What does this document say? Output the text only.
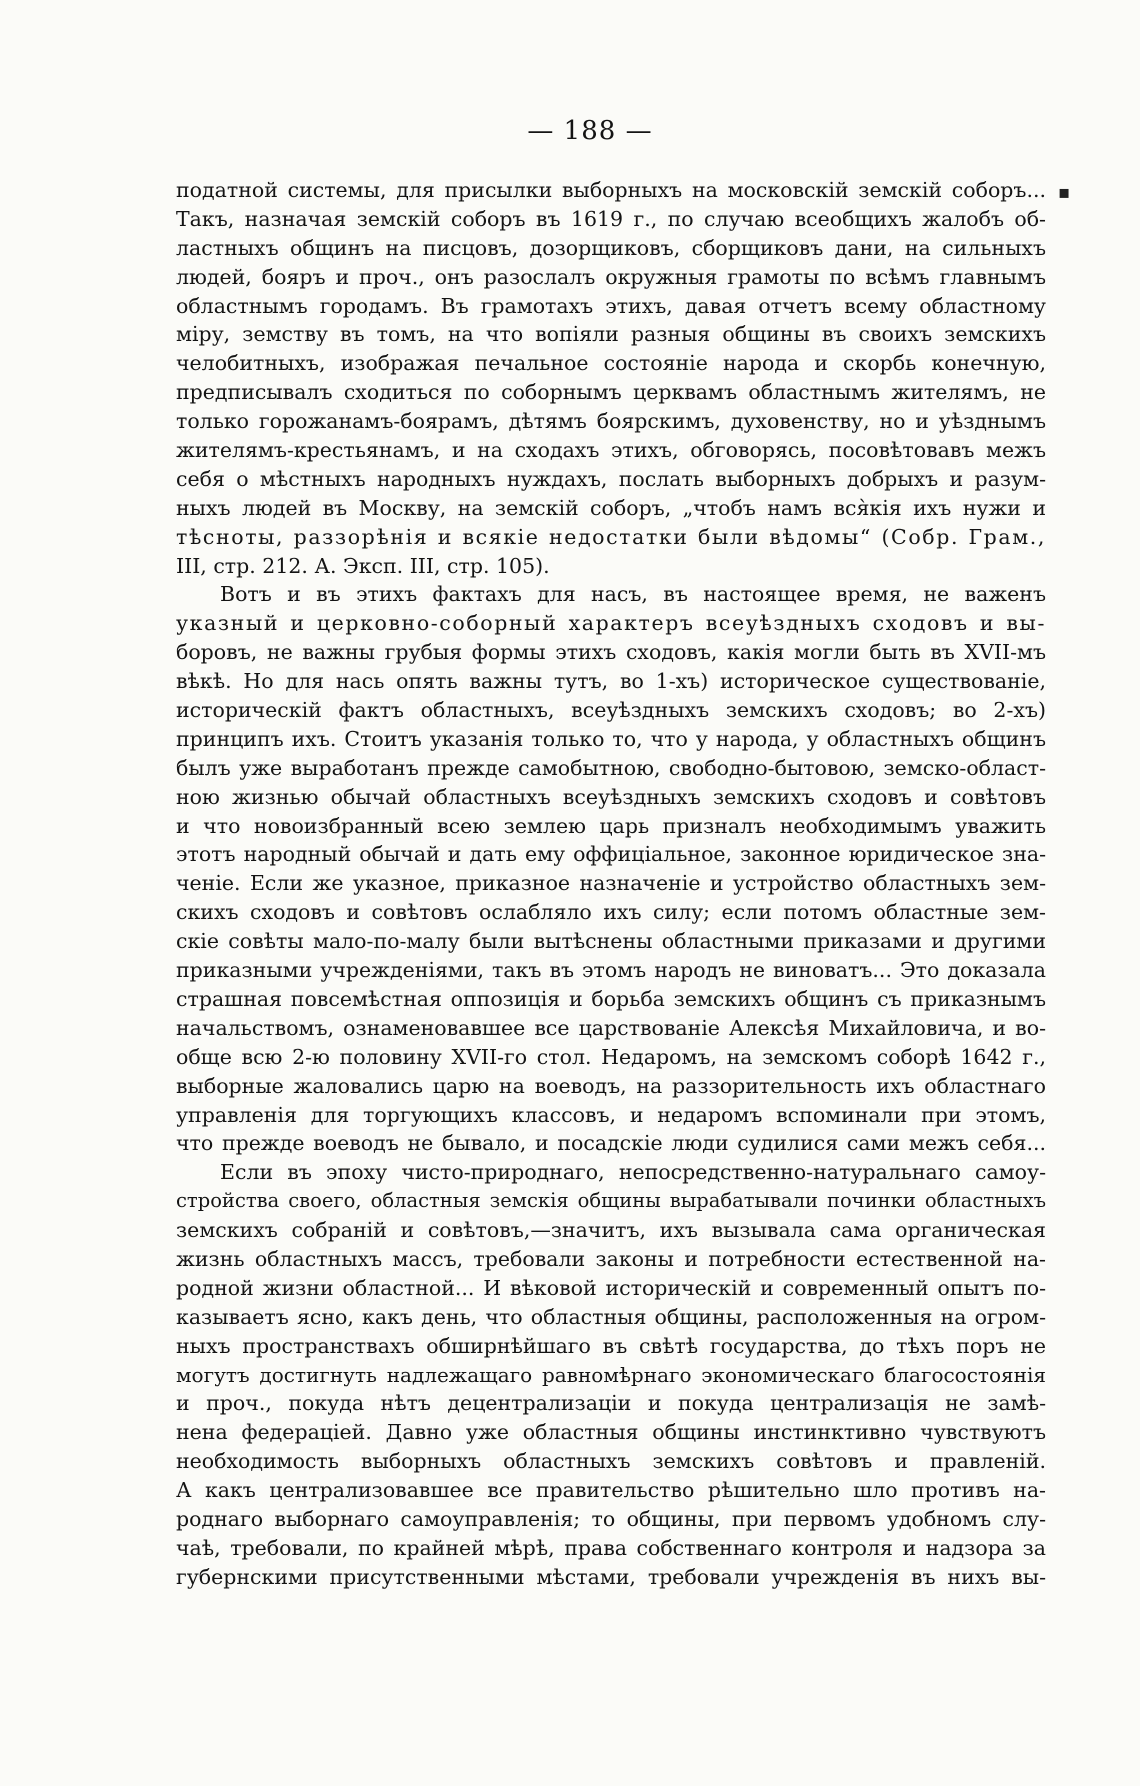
— 188 —
податной системы, для присылки выборныхъ на московскій земскій соборъ...
Такъ, назначая земскій соборъ въ 1619 г., по случаю всеобщихъ жалобъ об-
ластныхъ общинъ на писцовъ, дозорщиковъ, сборщиковъ дани, на сильныхъ
людей, бояръ и проч., онъ разослалъ окружныя грамоты по всѣмъ главнымъ
областнымъ городамъ. Въ грамотахъ этихъ, давая отчетъ всему областному
міру, земству въ томъ, на что вопіяли разныя общины въ своихъ земскихъ
челобитныхъ, изображая печальное состояніе народа и скорбь конечную,
предписывалъ сходиться по соборнымъ церквамъ областнымъ жителямъ, не
только горожанамъ-боярамъ, дѣтямъ боярскимъ, духовенству, но и уѣзднымъ
жителямъ-крестьянамъ, и на сходахъ этихъ, обговорясь, посовѣтовавъ межъ
себя о мѣстныхъ народныхъ нуждахъ, послать выборныхъ добрыхъ и разум-
ныхъ людей въ Москву, на земскій соборъ, „чтобъ намъ вся̀кія ихъ нужи и
тѣсноты, раззорѣнія и всякіе недостатки были вѣдомы“ (Собр. Грам.,
III, стр. 212. А. Эксп. III, стр. 105).
Вотъ и въ этихъ фактахъ для насъ, въ настоящее время, не важенъ
указный и церковно-соборный характеръ всеуѣздныхъ сходовъ и вы-
боровъ, не важны грубыя формы этихъ сходовъ, какія могли быть въ XVII-мъ
вѣкѣ. Но для нась опять важны тутъ, во 1-хъ) историческое существованіе,
историческій фактъ областныхъ, всеуѣздныхъ земскихъ сходовъ; во 2-хъ)
принципъ ихъ. Стоитъ указанія только то, что у народа, у областныхъ общинъ
былъ уже выработанъ прежде самобытною, свободно-бытовою, земско-област-
ною жизнью обычай областныхъ всеуѣздныхъ земскихъ сходовъ и совѣтовъ
и что новоизбранный всею землею царь призналъ необходимымъ уважить
этотъ народный обычай и дать ему оффиціальное, законное юридическое зна-
ченіе. Если же указное, приказное назначеніе и устройство областныхъ зем-
скихъ сходовъ и совѣтовъ ослабляло ихъ силу; если потомъ областные зем-
скіе совѣты мало-по-малу были вытѣснены областными приказами и другими
приказными учрежденіями, такъ въ этомъ народъ не виноватъ... Это доказала
страшная повсемѣстная оппозиція и борьба земскихъ общинъ съ приказнымъ
начальствомъ, ознаменовавшее все царствованіе Алексѣя Михайловича, и во-
обще всю 2-ю половину XVII-го стол. Недаромъ, на земскомъ соборѣ 1642 г.,
выборные жаловались царю на воеводъ, на раззорительность ихъ областнаго
управленія для торгующихъ классовъ, и недаромъ вспоминали при этомъ,
что прежде воеводъ не бывало, и посадскіе люди судилися сами межъ себя...
Если въ эпоху чисто-природнаго, непосредственно-натуральнаго самоу-
стройства своего, областныя земскія общины вырабатывали починки областныхъ
земскихъ собраній и совѣтовъ,—значитъ, ихъ вызывала сама органическая
жизнь областныхъ массъ, требовали законы и потребности естественной на-
родной жизни областной... И вѣковой историческій и современный опытъ по-
казываетъ ясно, какъ день, что областныя общины, расположенныя на огром-
ныхъ пространствахъ обширнѣйшаго въ свѣтѣ государства, до тѣхъ поръ не
могутъ достигнуть надлежащаго равномѣрнаго экономическаго благосостоянія
и проч., покуда нѣтъ децентрализаціи и покуда централизація не замѣ-
нена федераціей. Давно уже областныя общины инстинктивно чувствуютъ
необходимость выборныхъ областныхъ земскихъ совѣтовъ и правленій.
А какъ централизовавшее все правительство рѣшительно шло противъ на-
роднаго выборнаго самоуправленія; то общины, при первомъ удобномъ слу-
чаѣ, требовали, по крайней мѣрѣ, права собственнаго контроля и надзора за
губернскими присутственными мѣстами, требовали учрежденія въ нихъ вы-
▪
